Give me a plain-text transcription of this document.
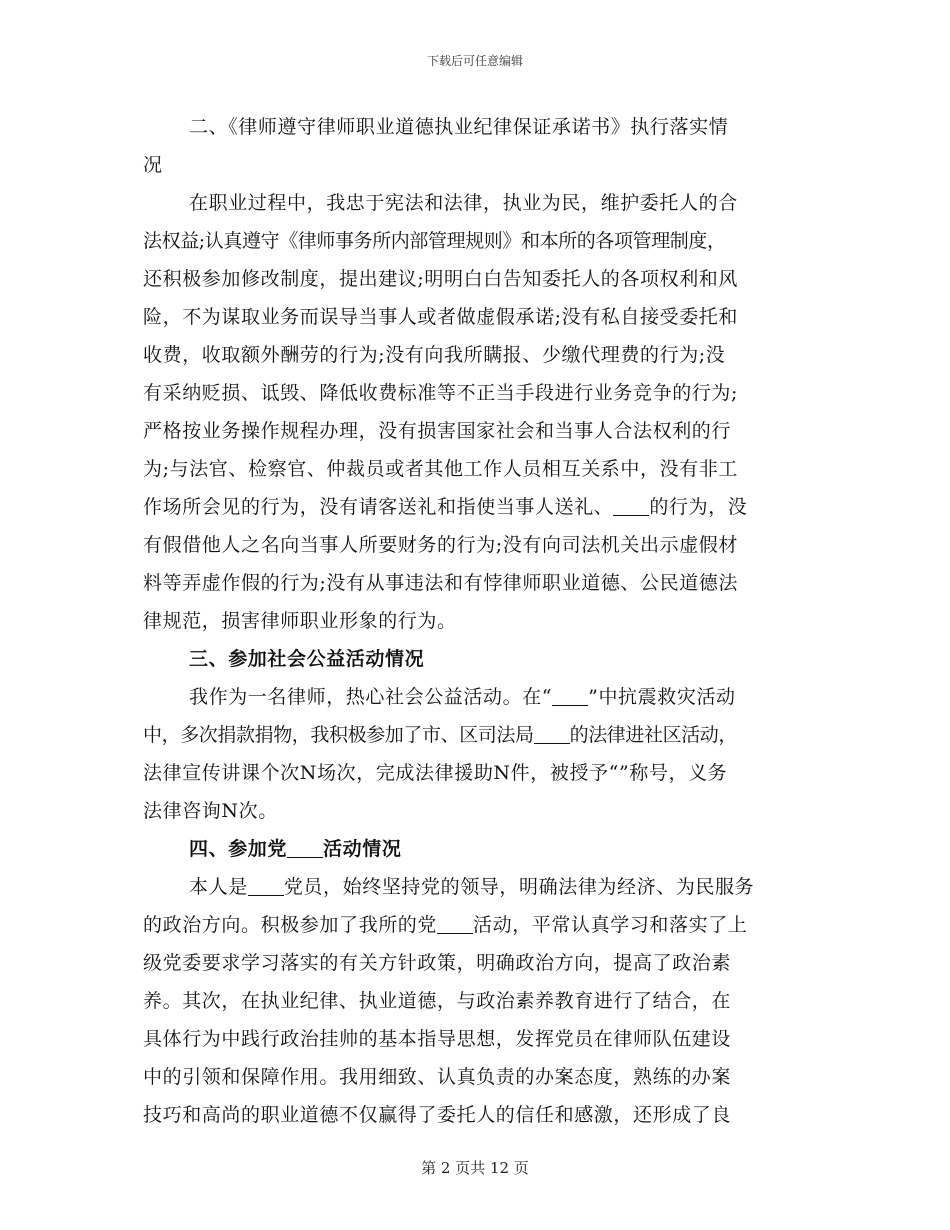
下载后可任意编辑
二、《律师遵守律师职业道德执业纪律保证承诺书》执行落实情
况
在职业过程中，我忠于宪法和法律，执业为民，维护委托人的合
法权益;认真遵守《律师事务所内部管理规则》和本所的各项管理制度，
还积极参加修改制度，提出建议;明明白白告知委托人的各项权利和风
险，不为谋取业务而误导当事人或者做虚假承诺;没有私自接受委托和
收费，收取额外酬劳的行为;没有向我所瞒报、少缴代理费的行为;没
有采纳贬损、诋毁、降低收费标准等不正当手段进行业务竞争的行为;
严格按业务操作规程办理，没有损害国家社会和当事人合法权利的行
为;与法官、检察官、仲裁员或者其他工作人员相互关系中，没有非工
作场所会见的行为，没有请客送礼和指使当事人送礼、 的行为，没
有假借他人之名向当事人所要财务的行为;没有向司法机关出示虚假材
料等弄虚作假的行为;没有从事违法和有悖律师职业道德、公民道德法
律规范，损害律师职业形象的行为。
三、参加社会公益活动情况
我作为一名律师，热心社会公益活动。在“ ”中抗震救灾活动
中，多次捐款捐物，我积极参加了市、区司法局 的法律进社区活动，
法律宣传讲课个次N场次，完成法律援助N件，被授予“”称号，义务
法律咨询N次。
四、参加党 活动情况
本人是 党员，始终坚持党的领导，明确法律为经济、为民服务
的政治方向。积极参加了我所的党 活动，平常认真学习和落实了上
级党委要求学习落实的有关方针政策，明确政治方向，提高了政治素
养。其次，在执业纪律、执业道德，与政治素养教育进行了结合，在
具体行为中践行政治挂帅的基本指导思想，发挥党员在律师队伍建设
中的引领和保障作用。我用细致、认真负责的办案态度，熟练的办案
技巧和高尚的职业道德不仅赢得了委托人的信任和感激，还形成了良
第 2 页共 12 页
